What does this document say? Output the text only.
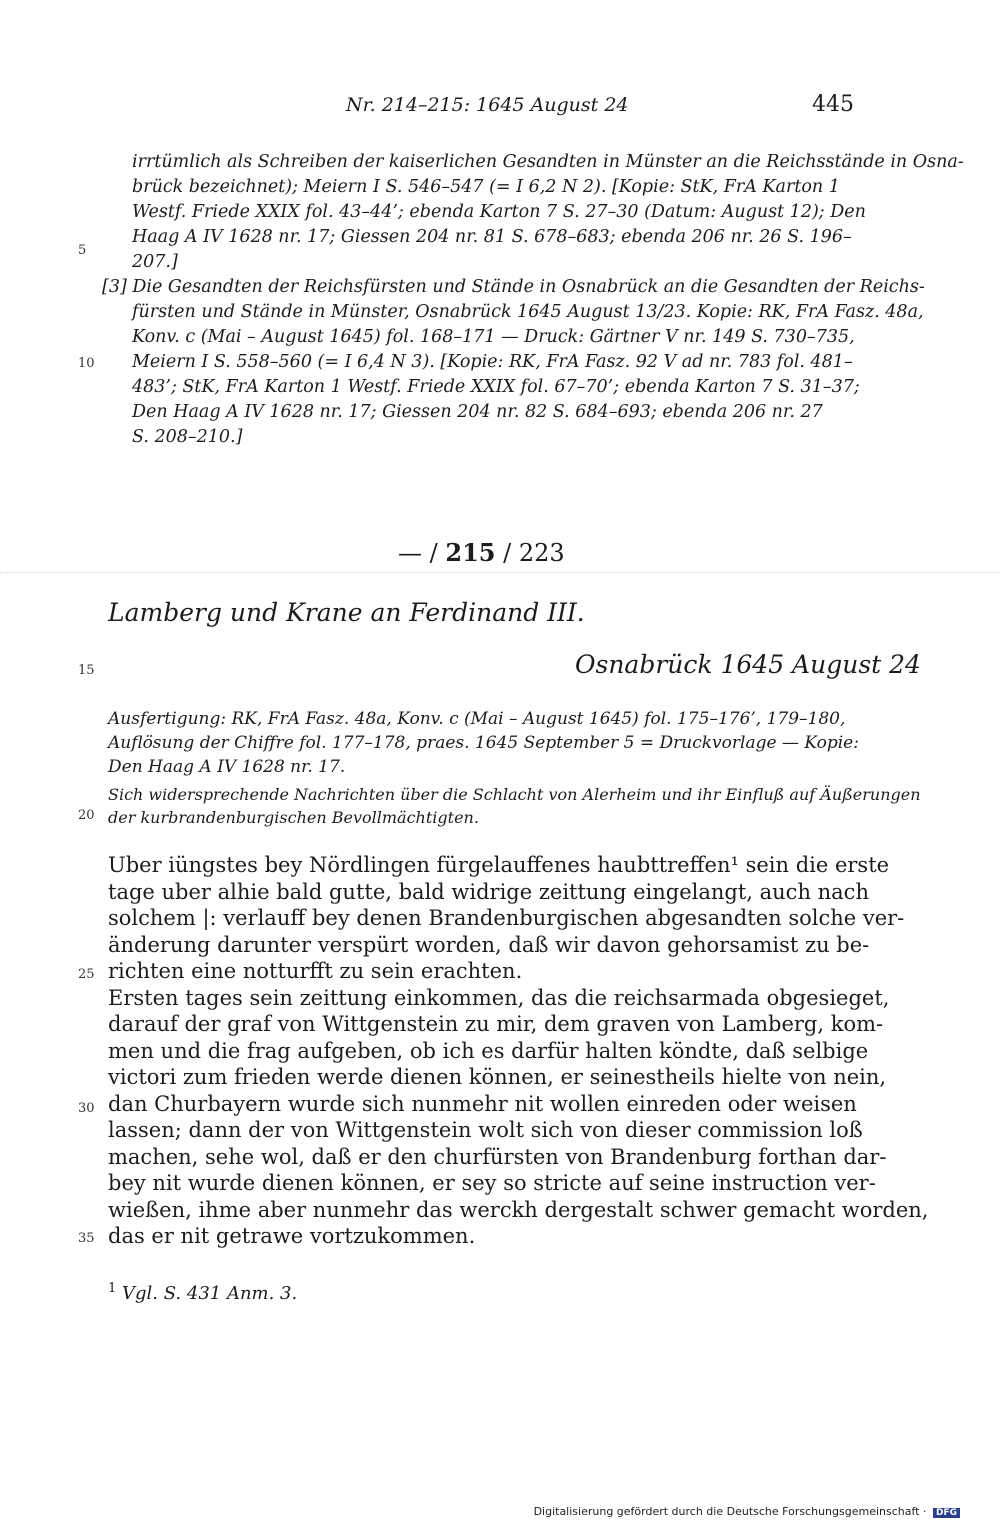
Nr. 214–215: 1645 August 24	445
irrtümlich als Schreiben der kaiserlichen Gesandten in Münster an die Reichsstände in Osna-
brück bezeichnet); Meiern I S. 546–547 (= I 6,2 N 2). [Kopie: StK, FrA Karton 1
Westf. Friede XXIX fol. 43–44’; ebenda Karton 7 S. 27–30 (Datum: August 12); Den
Haag A IV 1628 nr. 17; Giessen 204 nr. 81 S. 678–683; ebenda 206 nr. 26 S. 196–
207.]
[3] Die Gesandten der Reichsfürsten und Stände in Osnabrück an die Gesandten der Reichs-
fürsten und Stände in Münster, Osnabrück 1645 August 13/23. Kopie: RK, FrA Fasz. 48a,
Konv. c (Mai – August 1645) fol. 168–171 — Druck: Gärtner V nr. 149 S. 730–735,
Meiern I S. 558–560 (= I 6,4 N 3). [Kopie: RK, FrA Fasz. 92 V ad nr. 783 fol. 481–
483’; StK, FrA Karton 1 Westf. Friede XXIX fol. 67–70’; ebenda Karton 7 S. 31–37;
Den Haag A IV 1628 nr. 17; Giessen 204 nr. 82 S. 684–693; ebenda 206 nr. 27
S. 208–210.]
5
10
15
20
25
30
35
— / 215 / 223
Lamberg und Krane an Ferdinand III.
Osnabrück 1645 August 24
Ausfertigung: RK, FrA Fasz. 48a, Konv. c (Mai – August 1645) fol. 175–176’, 179–180,
Auflösung der Chiffre fol. 177–178, praes. 1645 September 5 = Druckvorlage — Kopie:
Den Haag A IV 1628 nr. 17.
Sich widersprechende Nachrichten über die Schlacht von Alerheim und ihr Einfluß auf Äußerungen
der kurbrandenburgischen Bevollmächtigten.
Uber iüngstes bey Nördlingen fürgelauffenes haubttreffen¹ sein die erste
tage uber alhie bald gutte, bald widrige zeittung eingelangt, auch nach
solchem |: verlauff bey denen Brandenburgischen abgesandten solche ver-
änderung darunter verspürt worden, daß wir davon gehorsamist zu be-
richten eine notturfft zu sein erachten.
Ersten tages sein zeittung einkommen, das die reichsarmada obgesieget,
darauf der graf von Wittgenstein zu mir, dem graven von Lamberg, kom-
men und die frag aufgeben, ob ich es darfür halten köndte, daß selbige
victori zum frieden werde dienen können, er seinestheils hielte von nein,
dan Churbayern wurde sich nunmehr nit wollen einreden oder weisen
lassen; dann der von Wittgenstein wolt sich von dieser commission loß
machen, sehe wol, daß er den churfürsten von Brandenburg forthan dar-
bey nit wurde dienen können, er sey so stricte auf seine instruction ver-
wießen, ihme aber nunmehr das werckh dergestalt schwer gemacht worden,
das er nit getrawe vortzukommen.
$^1$ Vgl. S. 431 Anm. 3.
Digitalisierung gefördert durch die Deutsche Forschungsgemeinschaft · DFG
